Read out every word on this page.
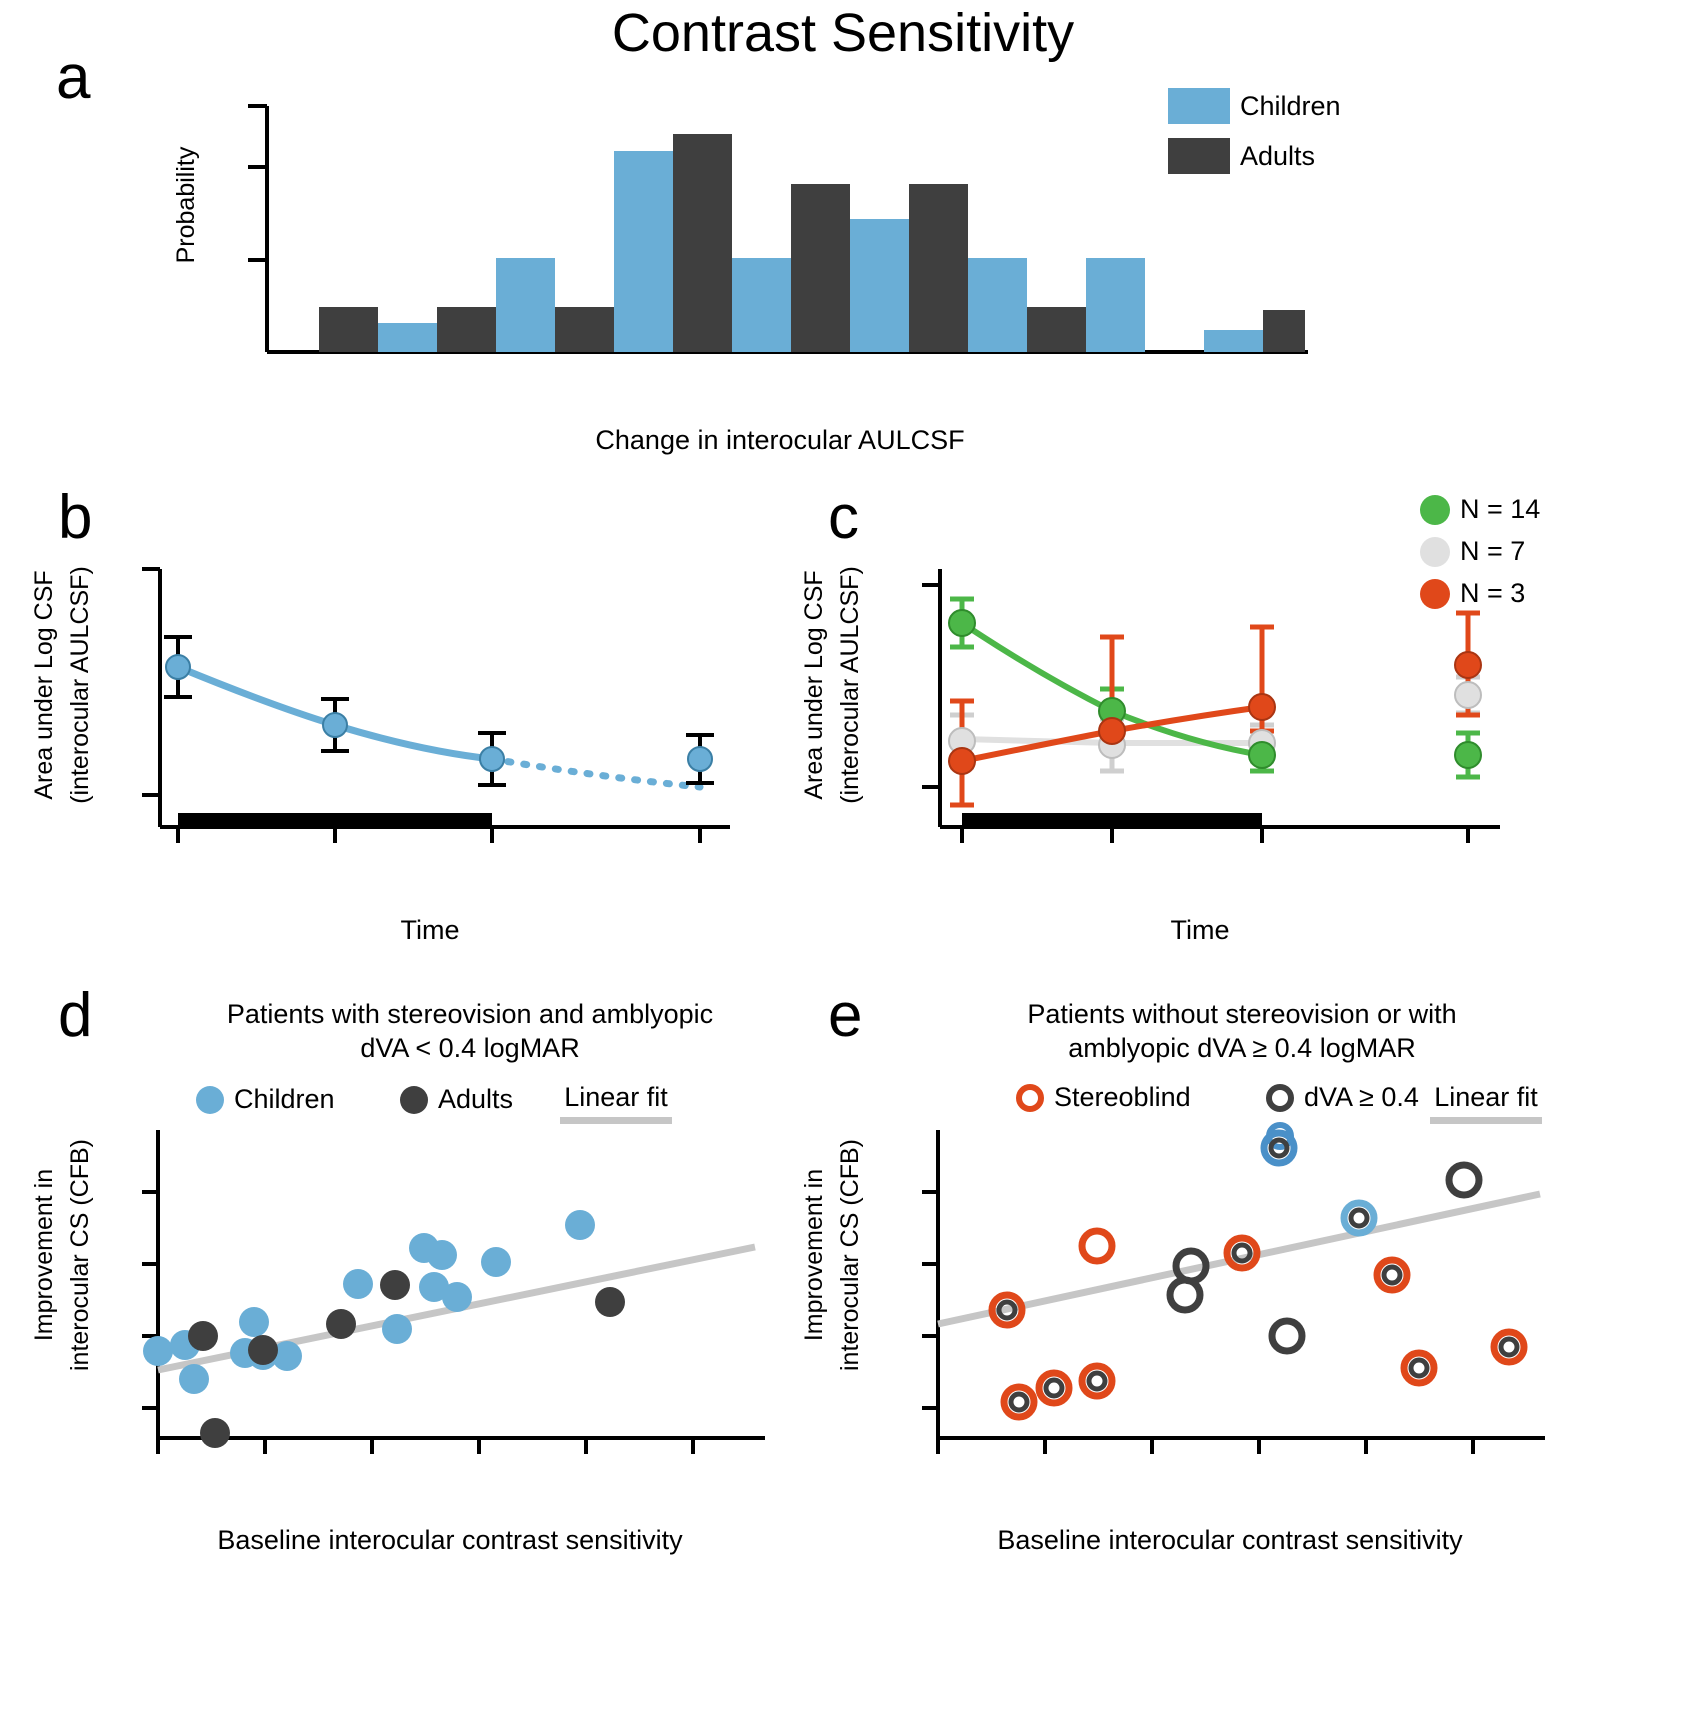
Contrast Sensitivity
a
Probability
Children
Adults
Change in interocular AULCSF
b
Area under Log CSF (interocular AULCSF)
Time
c
Area under Log CSF (interocular AULCSF)
N = 14
N = 7
N = 3
Time
d	Patients with stereovision and amblyopic
dVA < 0.4 logMAR
Children	Adults Linear fit
Improvement in interocular CS (CFB)
Baseline interocular contrast sensitivity
e	Patients without stereovision or with
amblyopic dVA ≥ 0.4 logMAR
Stereoblind	dVA ≥ 0.4 Linear fit
Improvement in interocular CS (CFB)
Baseline interocular contrast sensitivity
